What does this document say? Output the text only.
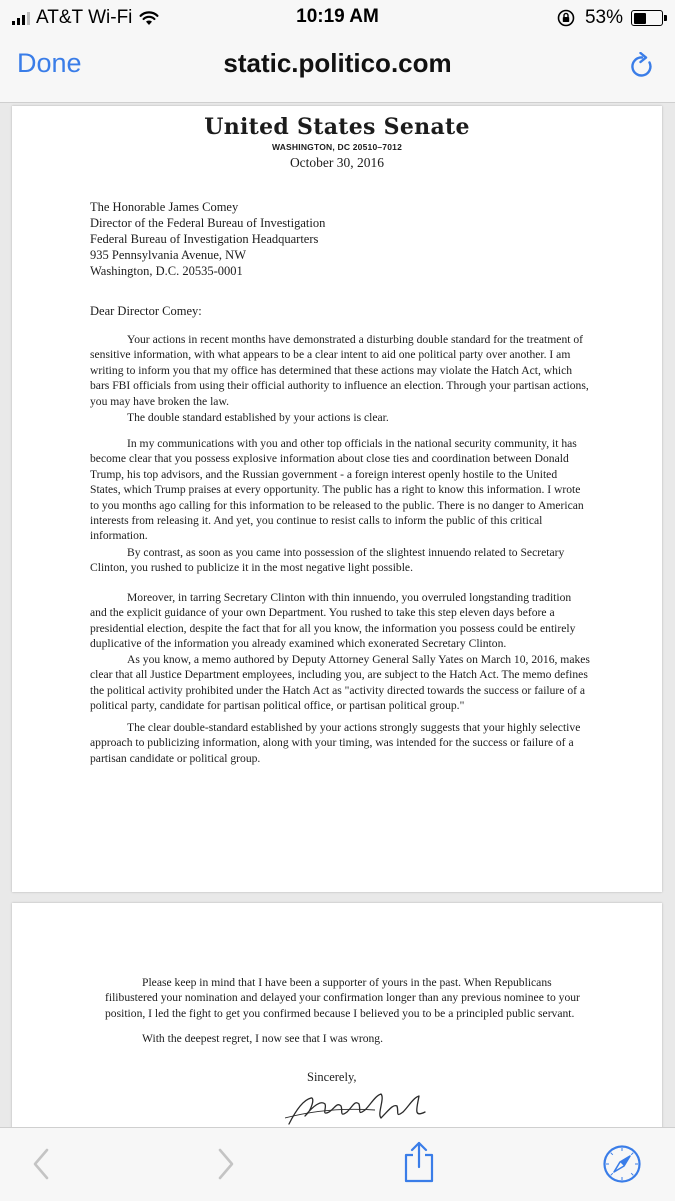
AT&T Wi-Fi	10:19 AM	53%
Done	static.politico.com
United States Senate
WASHINGTON, DC 20510–7012
October 30, 2016
The Honorable James Comey
Director of the Federal Bureau of Investigation
Federal Bureau of Investigation Headquarters
935 Pennsylvania Avenue, NW
Washington, D.C. 20535-0001
Dear Director Comey:

Your actions in recent months have demonstrated a disturbing double standard for the treatment of sensitive information, with what appears to be a clear intent to aid one political party over another. I am writing to inform you that my office has determined that these actions may violate the Hatch Act, which bars FBI officials from using their official authority to influence an election. Through your partisan actions, you may have broken the law.

The double standard established by your actions is clear.

In my communications with you and other top officials in the national security community, it has become clear that you possess explosive information about close ties and coordination between Donald Trump, his top advisors, and the Russian government - a foreign interest openly hostile to the United States, which Trump praises at every opportunity. The public has a right to know this information. I wrote to you months ago calling for this information to be released to the public. There is no danger to American interests from releasing it. And yet, you continue to resist calls to inform the public of this critical information.

By contrast, as soon as you came into possession of the slightest innuendo related to Secretary Clinton, you rushed to publicize it in the most negative light possible.

Moreover, in tarring Secretary Clinton with thin innuendo, you overruled longstanding tradition and the explicit guidance of your own Department. You rushed to take this step eleven days before a presidential election, despite the fact that for all you know, the information you possess could be entirely duplicative of the information you already examined which exonerated Secretary Clinton.

As you know, a memo authored by Deputy Attorney General Sally Yates on March 10, 2016, makes clear that all Justice Department employees, including you, are subject to the Hatch Act. The memo defines the political activity prohibited under the Hatch Act as "activity directed towards the success or failure of a political party, candidate for partisan political office, or partisan political group."

The clear double-standard established by your actions strongly suggests that your highly selective approach to publicizing information, along with your timing, was intended for the success or failure of a partisan candidate or political group.

Please keep in mind that I have been a supporter of yours in the past. When Republicans filibustered your nomination and delayed your confirmation longer than any previous nominee to your position, I led the fight to get you confirmed because I believed you to be a principled public servant.

With the deepest regret, I now see that I was wrong.

Sincerely,
